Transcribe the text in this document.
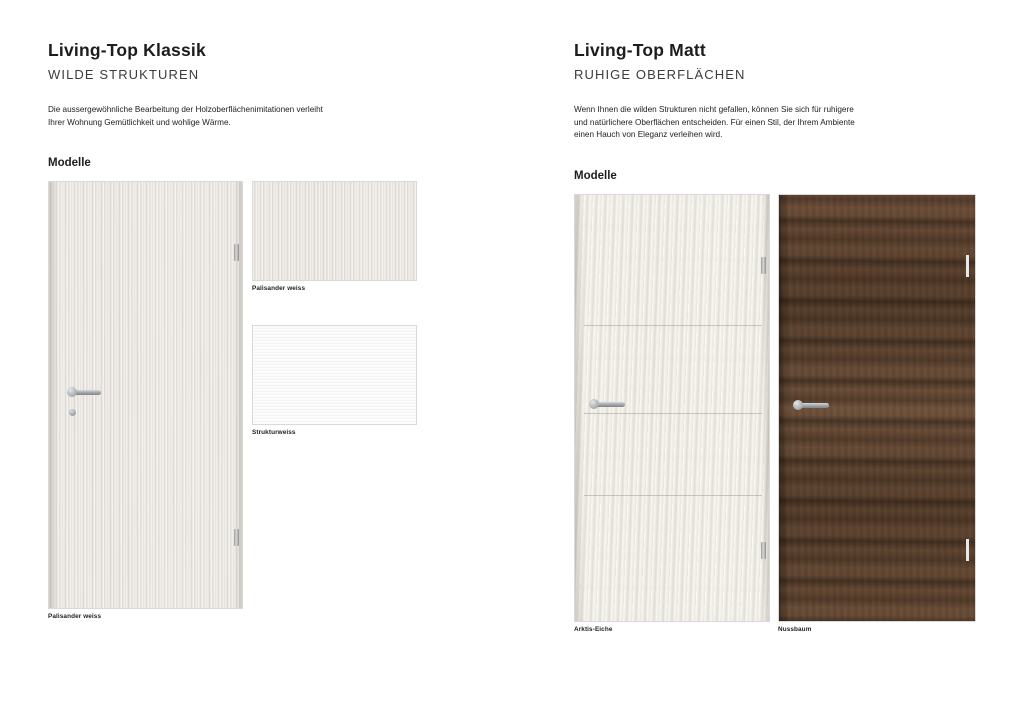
Living-Top Klassik
WILDE STRUKTUREN

Die aussergewöhnliche Bearbeitung der Holzoberflächenimitationen verleiht Ihrer Wohnung Gemütlichkeit und wohlige Wärme.

Modelle
Palisander weiss
Palisander weiss
Strukturweiss
Living-Top Matt
RUHIGE OBERFLÄCHEN

Wenn Ihnen die wilden Strukturen nicht gefallen, können Sie sich für ruhigere und natürlichere Oberflächen entscheiden. Für einen Stil, der Ihrem Ambiente einen Hauch von Eleganz verleihen wird.

Modelle
Arktis-Eiche	Nussbaum
